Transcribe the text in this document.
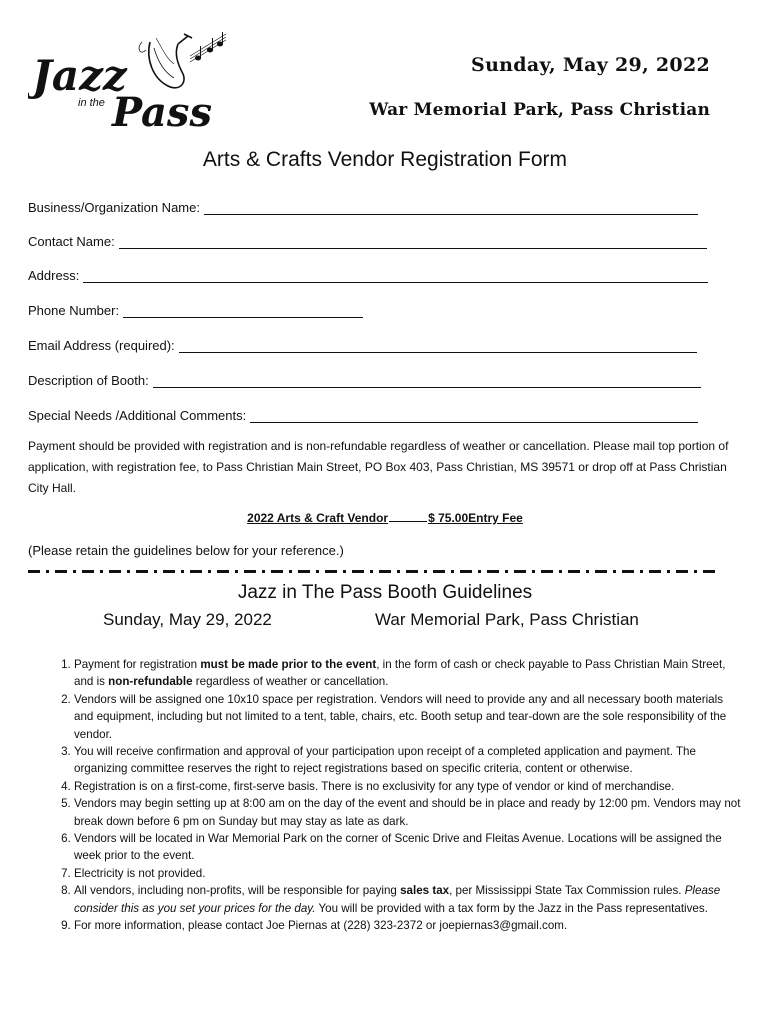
Jazz
in the Pass
Sunday, May 29, 2022
War Memorial Park, Pass Christian
Arts & Crafts Vendor Registration Form
Business/Organization Name:
Contact Name:
Address:
Phone Number:
Email Address (required):
Description of Booth:
Special Needs /Additional Comments:
Payment should be provided with registration and is non-refundable regardless of weather or cancellation. Please mail top portion of application, with registration fee, to Pass Christian Main Street, PO Box 403, Pass Christian, MS 39571 or drop off at Pass Christian City Hall.
2022 Arts & Craft Vendor	$ 75.00Entry Fee
(Please retain the guidelines below for your reference.)
Jazz in The Pass Booth Guidelines
Sunday, May 29, 2022	War Memorial Park, Pass Christian
1. Payment for registration must be made prior to the event, in the form of cash or check payable to Pass Christian Main Street, and is non-refundable regardless of weather or cancellation.
2. Vendors will be assigned one 10x10 space per registration. Vendors will need to provide any and all necessary booth materials and equipment, including but not limited to a tent, table, chairs, etc. Booth setup and tear-down are the sole responsibility of the vendor.
3. You will receive confirmation and approval of your participation upon receipt of a completed application and payment. The organizing committee reserves the right to reject registrations based on specific criteria, content or otherwise.
4. Registration is on a first-come, first-serve basis. There is no exclusivity for any type of vendor or kind of merchandise.
5. Vendors may begin setting up at 8:00 am on the day of the event and should be in place and ready by 12:00 pm. Vendors may not break down before 6 pm on Sunday but may stay as late as dark.
6. Vendors will be located in War Memorial Park on the corner of Scenic Drive and Fleitas Avenue. Locations will be assigned the week prior to the event.
7. Electricity is not provided.
8. All vendors, including non-profits, will be responsible for paying sales tax, per Mississippi State Tax Commission rules. Please consider this as you set your prices for the day. You will be provided with a tax form by the Jazz in the Pass representatives.
9. For more information, please contact Joe Piernas at (228) 323-2372 or joepiernas3@gmail.com.
